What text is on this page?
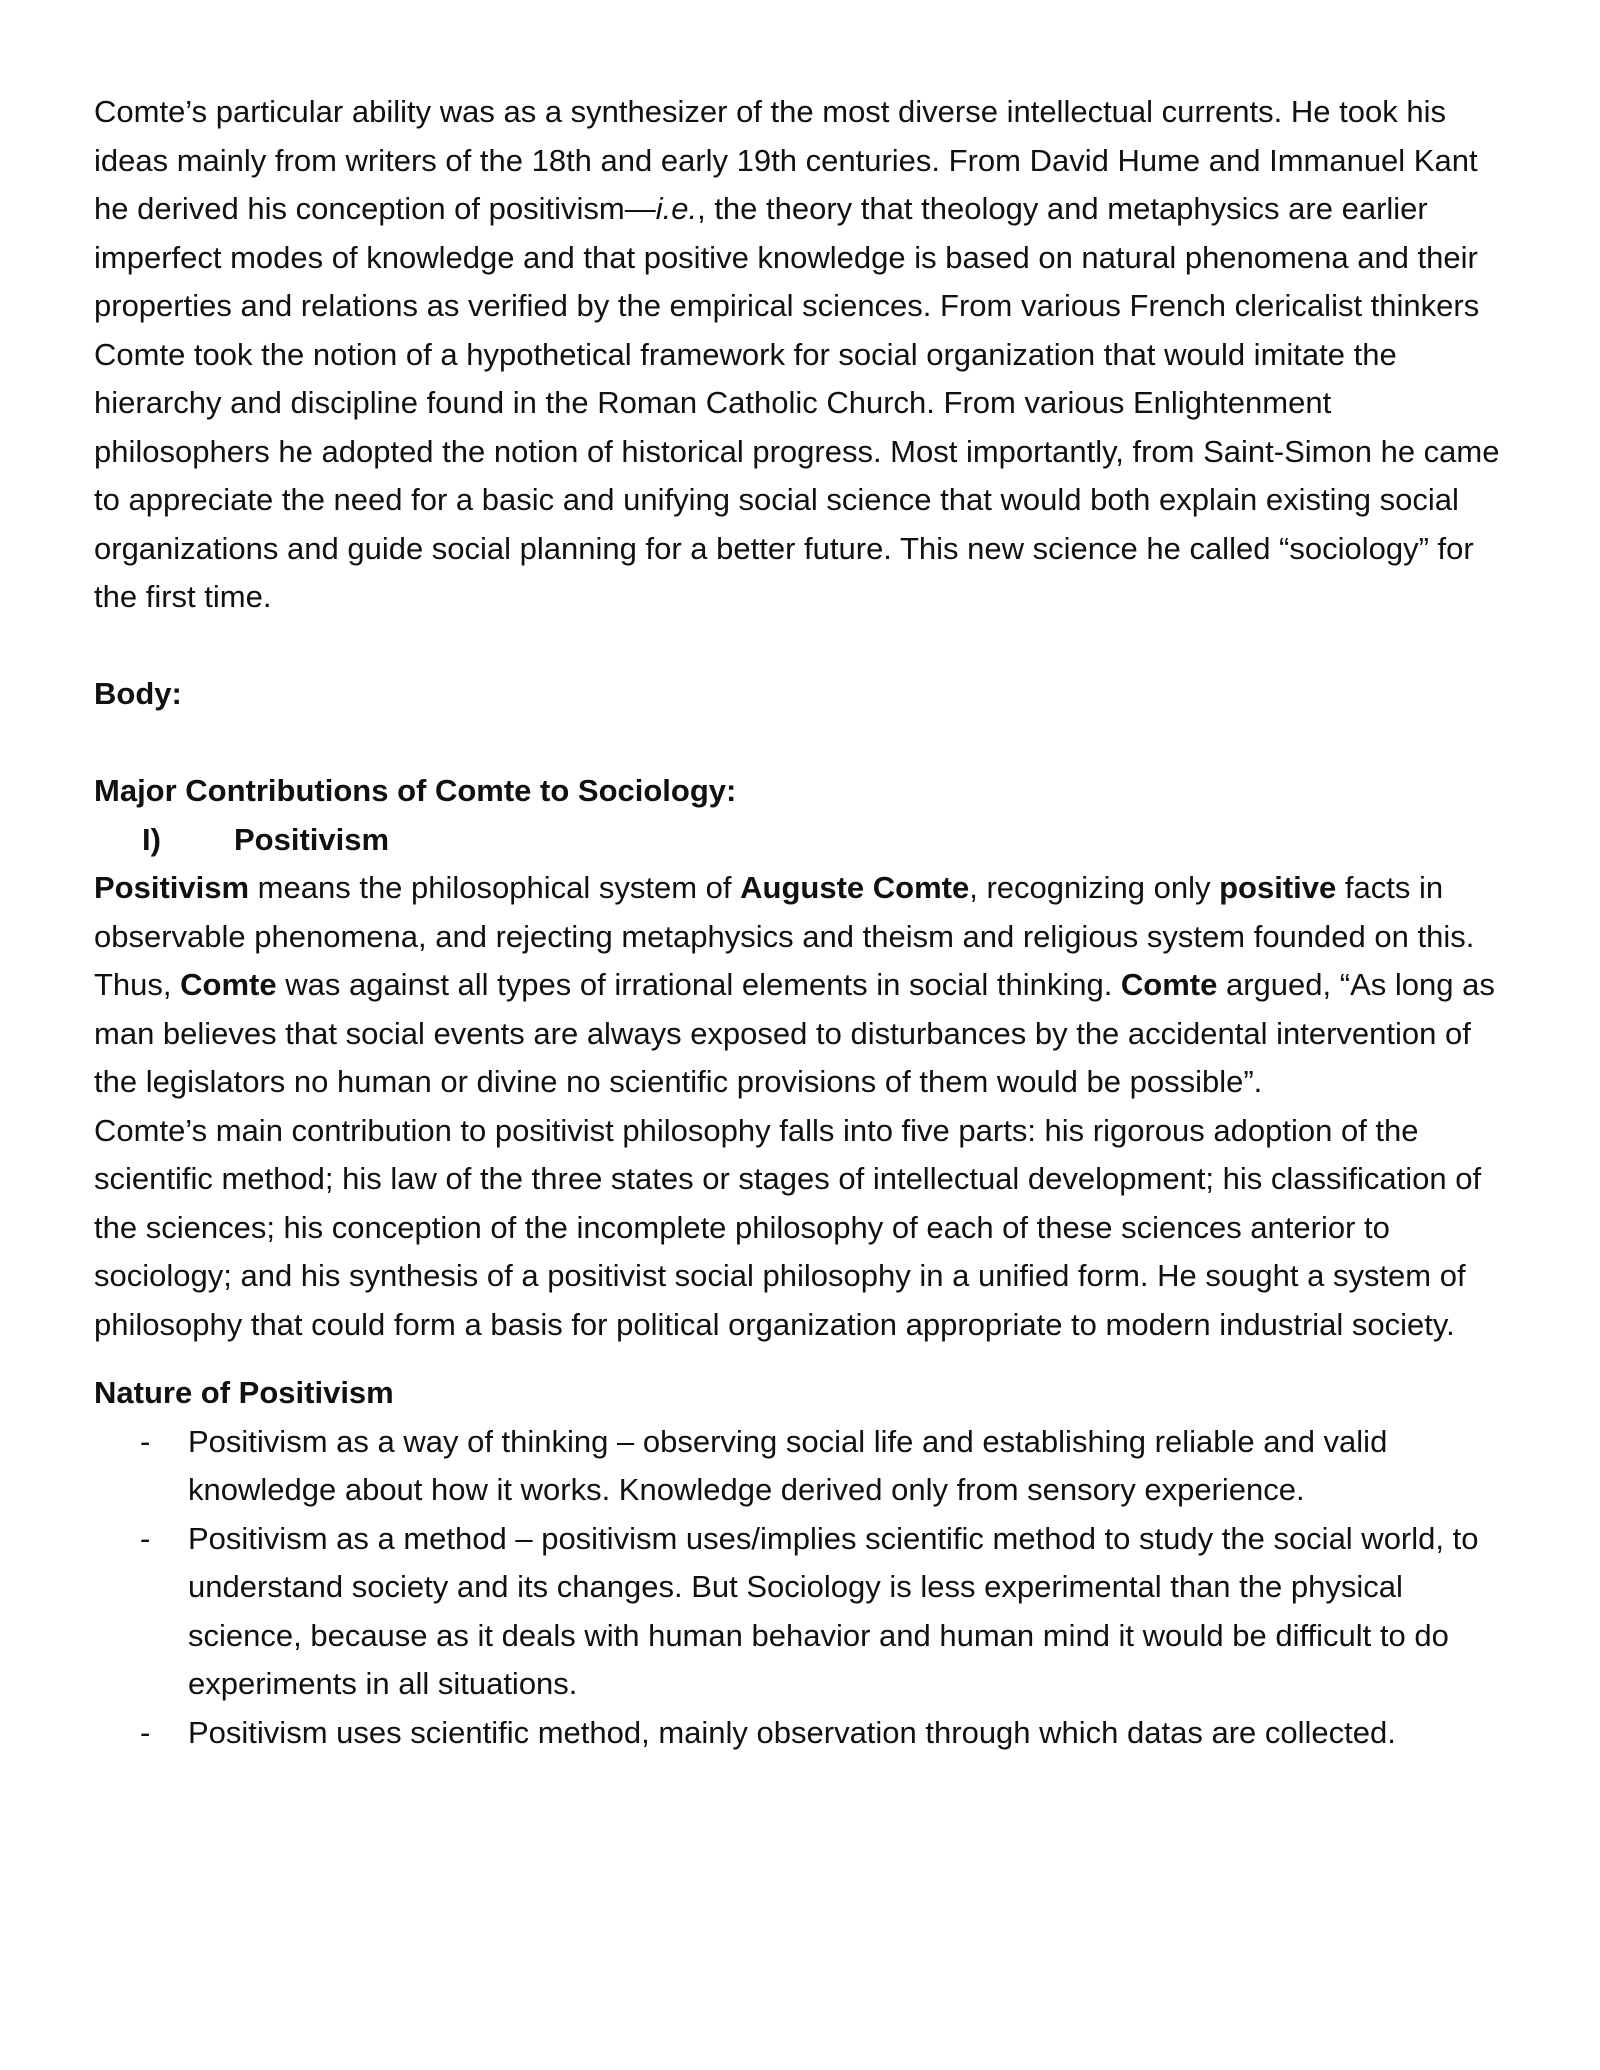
Comte’s particular ability was as a synthesizer of the most diverse intellectual currents. He took his ideas mainly from writers of the 18th and early 19th centuries. From David Hume and Immanuel Kant he derived his conception of positivism—i.e., the theory that theology and metaphysics are earlier imperfect modes of knowledge and that positive knowledge is based on natural phenomena and their properties and relations as verified by the empirical sciences. From various French clericalist thinkers Comte took the notion of a hypothetical framework for social organization that would imitate the hierarchy and discipline found in the Roman Catholic Church. From various Enlightenment philosophers he adopted the notion of historical progress. Most importantly, from Saint-Simon he came to appreciate the need for a basic and unifying social science that would both explain existing social organizations and guide social planning for a better future. This new science he called “sociology” for the first time.

Body:

Major Contributions of Comte to Sociology:

I) Positivism

Positivism means the philosophical system of Auguste Comte, recognizing only positive facts in observable phenomena, and rejecting metaphysics and theism and religious system founded on this. Thus, Comte was against all types of irrational elements in social thinking. Comte argued, “As long as man believes that social events are always exposed to disturbances by the accidental intervention of the legislators no human or divine no scientific provisions of them would be possible”.

Comte’s main contribution to positivist philosophy falls into five parts: his rigorous adoption of the scientific method; his law of the three states or stages of intellectual development; his classification of the sciences; his conception of the incomplete philosophy of each of these sciences anterior to sociology; and his synthesis of a positivist social philosophy in a unified form. He sought a system of philosophy that could form a basis for political organization appropriate to modern industrial society.

Nature of Positivism

- Positivism as a way of thinking – observing social life and establishing reliable and valid knowledge about how it works. Knowledge derived only from sensory experience.
- Positivism as a method – positivism uses/implies scientific method to study the social world, to understand society and its changes. But Sociology is less experimental than the physical science, because as it deals with human behavior and human mind it would be difficult to do experiments in all situations.
- Positivism uses scientific method, mainly observation through which datas are collected.
